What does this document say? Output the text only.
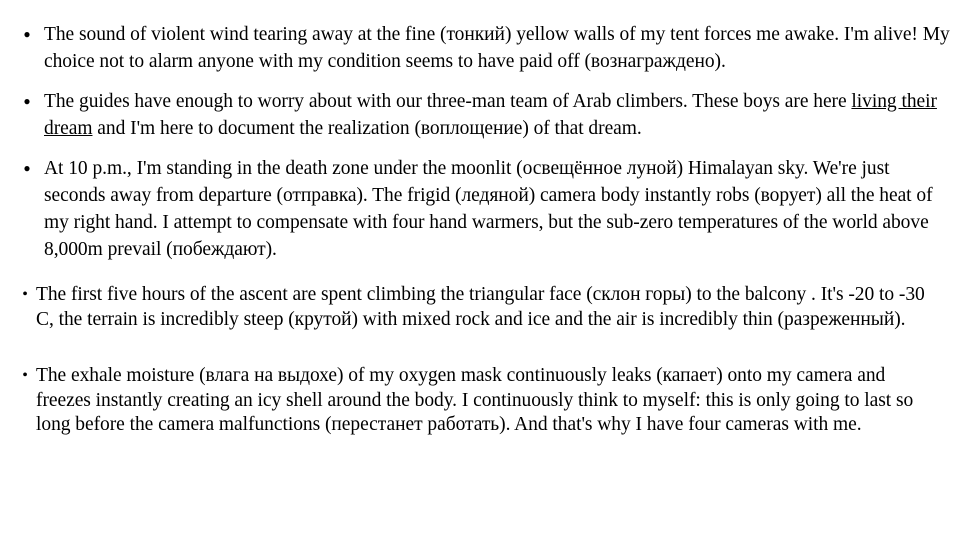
● The sound of violent wind tearing away at the fine (тонкий) yellow walls of my tent forces me awake. I'm alive! My choice not to alarm anyone with my condition seems to have paid off (вознаграждено).
● The guides have enough to worry about with our three-man team of Arab climbers. These boys are here living their dream and I'm here to document the realization (воплощение) of that dream.
● At 10 p.m., I'm standing in the death zone under the moonlit (освещённое луной) Himalayan sky. We're just seconds away from departure (отправка). The frigid (ледяной) camera body instantly robs (ворует) all the heat of my right hand. I attempt to compensate with four hand warmers, but the sub-zero temperatures of the world above 8,000m prevail (побеждают).
• The first five hours of the ascent are spent climbing the triangular face (склон горы) to the balcony . It's -20 to -30 C, the terrain is incredibly steep (крутой) with mixed rock and ice and the air is incredibly thin (разреженный).
• The exhale moisture (влага на выдохе) of my oxygen mask continuously leaks (капает) onto my camera and freezes instantly creating an icy shell around the body. I continuously think to myself: this is only going to last so long before the camera malfunctions (перестанет работать). And that's why I have four cameras with me.
